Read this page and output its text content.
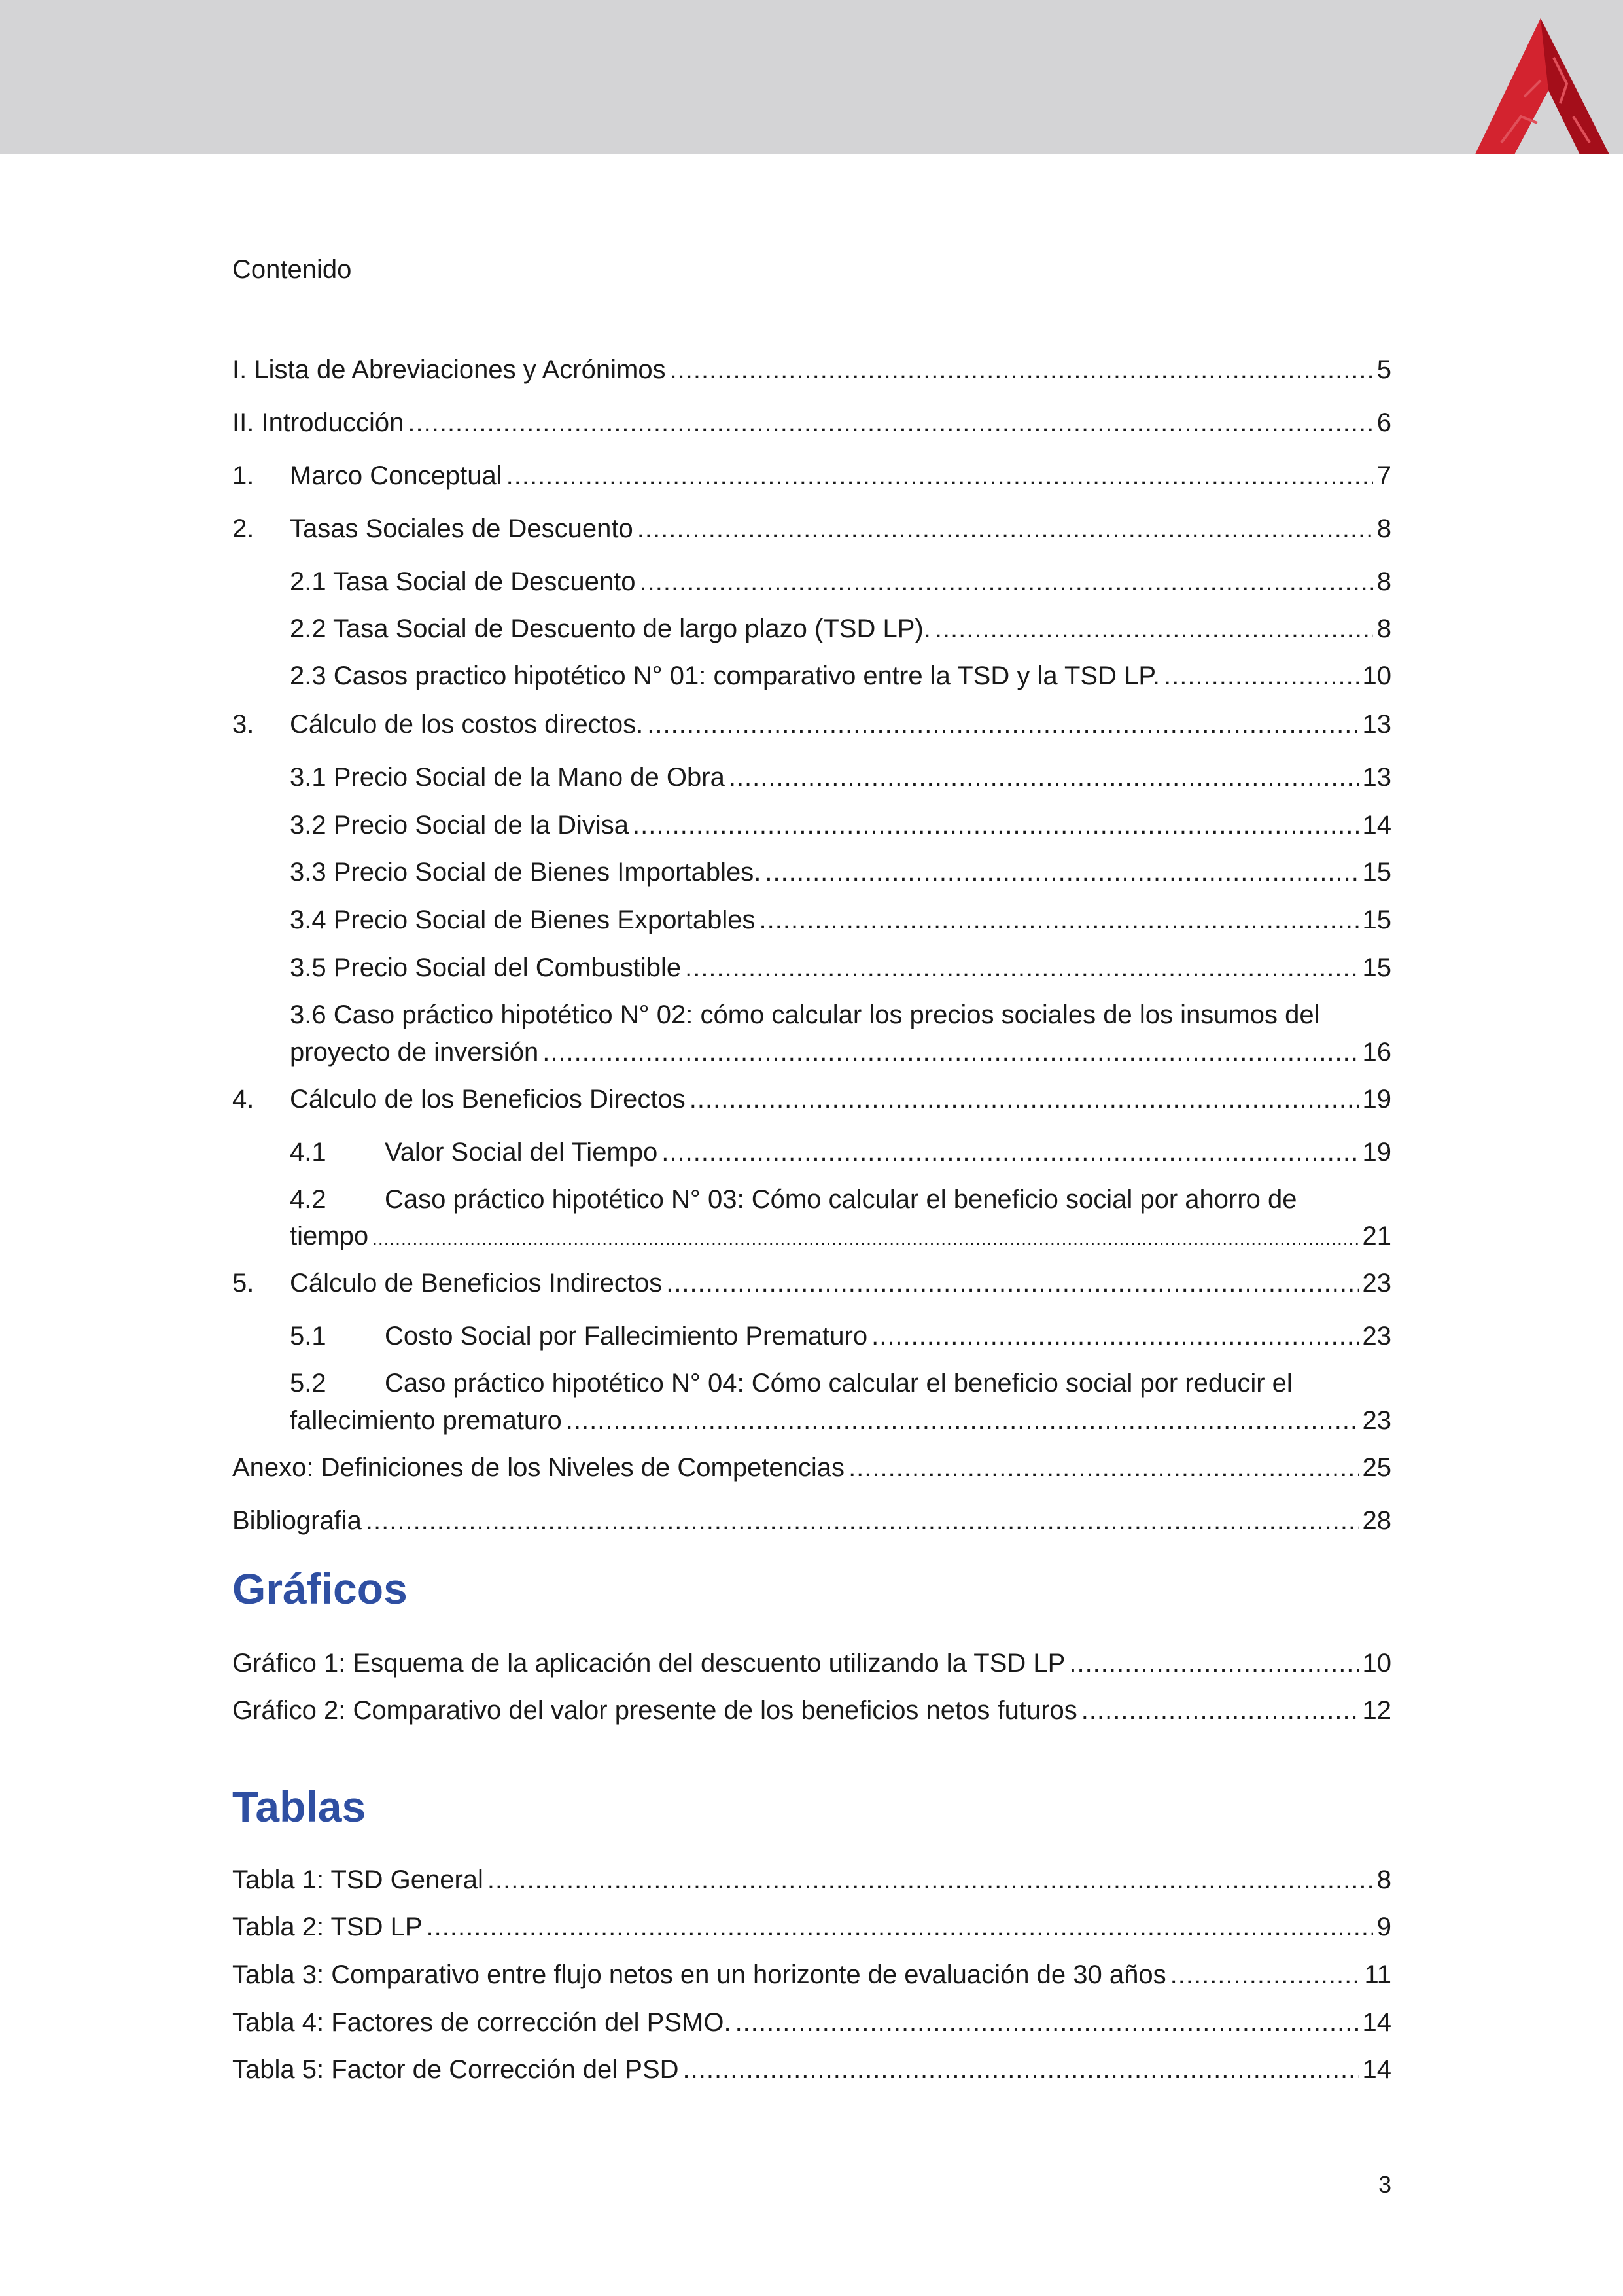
Contenido
I. Lista de Abreviaciones y Acrónimos .....	5
II. Introducción .....	6
1.	Marco Conceptual .....	7
2.	Tasas Sociales de Descuento .....	8
2.1 Tasa Social de Descuento .....	8
2.2 Tasa Social de Descuento de largo plazo (TSD LP). .....	8
2.3 Casos practico hipotético N° 01: comparativo entre la TSD y la TSD LP. .....	10
3.	Cálculo de los costos directos. .....	13
3.1 Precio Social de la Mano de Obra .....	13
3.2 Precio Social de la Divisa .....	14
3.3 Precio Social de Bienes Importables. .....	15
3.4 Precio Social de Bienes Exportables .....	15
3.5 Precio Social del Combustible .....	15
3.6 Caso práctico hipotético N° 02: cómo calcular los precios sociales de los insumos del
proyecto de inversión .....	16
4.	Cálculo de los Beneficios Directos .....	19
4.1	Valor Social del Tiempo .....	19
4.2	Caso práctico hipotético N° 03: Cómo calcular el beneficio social por ahorro de
tiempo .....	21
5.	Cálculo de Beneficios Indirectos .....	23
5.1	Costo Social por Fallecimiento Prematuro .....	23
5.2	Caso práctico hipotético N° 04: Cómo calcular el beneficio social por reducir el
fallecimiento prematuro .....	23
Anexo: Definiciones de los Niveles de Competencias .....	25
Bibliografia .....	28
Gráficos
Gráfico 1: Esquema de la aplicación del descuento utilizando la TSD LP .....	10
Gráfico 2: Comparativo del valor presente de los beneficios netos futuros .....	12
Tablas
Tabla 1: TSD General .....	8
Tabla 2: TSD LP .....	9
Tabla 3: Comparativo entre flujo netos en un horizonte de evaluación de 30 años .....	11
Tabla 4: Factores de corrección del PSMO. .....	14
Tabla 5: Factor de Corrección del PSD .....	14
3
